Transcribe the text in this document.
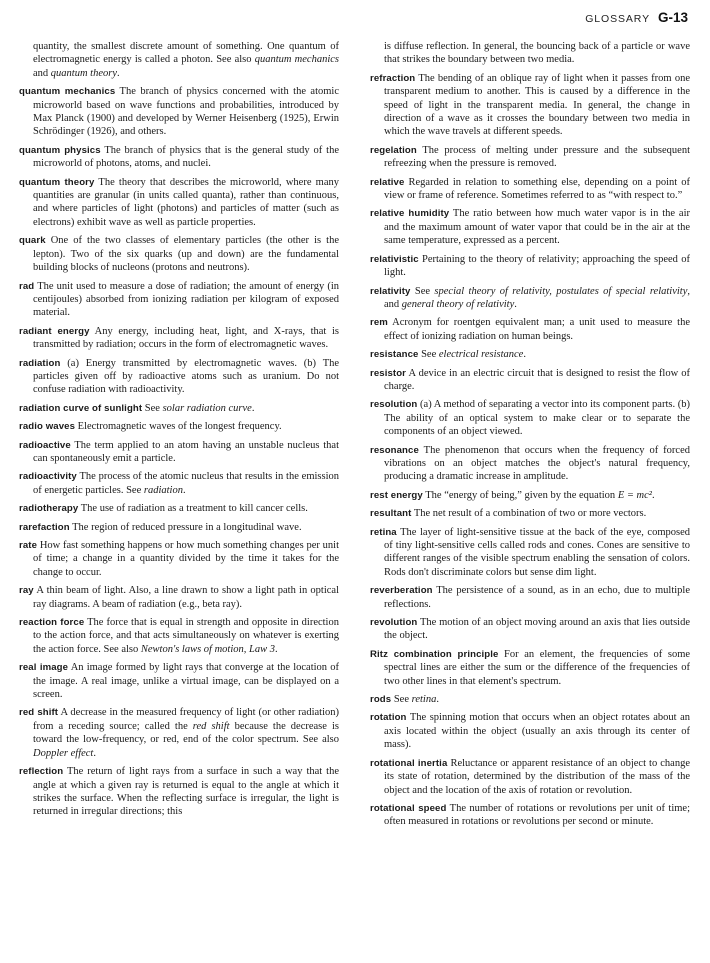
GLOSSARY G-13

quantity, the smallest discrete amount of something. One quantum of electromagnetic energy is called a photon. See also quantum mechanics and quantum theory.

quantum mechanics The branch of physics concerned with the atomic microworld based on wave functions and probabilities, introduced by Max Planck (1900) and developed by Werner Heisenberg (1925), Erwin Schrödinger (1926), and others.

quantum physics The branch of physics that is the general study of the microworld of photons, atoms, and nuclei.

quantum theory The theory that describes the microworld, where many quantities are granular (in units called quanta), rather than continuous, and where particles of light (photons) and particles of matter (such as electrons) exhibit wave as well as particle properties.

quark One of the two classes of elementary particles (the other is the lepton). Two of the six quarks (up and down) are the fundamental building blocks of nucleons (protons and neutrons).

rad The unit used to measure a dose of radiation; the amount of energy (in centijoules) absorbed from ionizing radiation per kilogram of exposed material.

radiant energy Any energy, including heat, light, and X-rays, that is transmitted by radiation; occurs in the form of electromagnetic waves.

radiation (a) Energy transmitted by electromagnetic waves. (b) The particles given off by radioactive atoms such as uranium. Do not confuse radiation with radioactivity.

radiation curve of sunlight See solar radiation curve.

radio waves Electromagnetic waves of the longest frequency.

radioactive The term applied to an atom having an unstable nucleus that can spontaneously emit a particle.

radioactivity The process of the atomic nucleus that results in the emission of energetic particles. See radiation.

radiotherapy The use of radiation as a treatment to kill cancer cells.

rarefaction The region of reduced pressure in a longitudinal wave.

rate How fast something happens or how much something changes per unit of time; a change in a quantity divided by the time it takes for the change to occur.

ray A thin beam of light. Also, a line drawn to show a light path in optical ray diagrams. A beam of radiation (e.g., beta ray).

reaction force The force that is equal in strength and opposite in direction to the action force, and that acts simultaneously on whatever is exerting the action force. See also Newton's laws of motion, Law 3.

real image An image formed by light rays that converge at the location of the image. A real image, unlike a virtual image, can be displayed on a screen.

red shift A decrease in the measured frequency of light (or other radiation) from a receding source; called the red shift because the decrease is toward the low-frequency, or red, end of the color spectrum. See also Doppler effect.

reflection The return of light rays from a surface in such a way that the angle at which a given ray is returned is equal to the angle at which it strikes the surface. When the reflecting surface is irregular, the light is returned in irregular directions; this

is diffuse reflection. In general, the bouncing back of a particle or wave that strikes the boundary between two media.

refraction The bending of an oblique ray of light when it passes from one transparent medium to another. This is caused by a difference in the speed of light in the transparent media. In general, the change in direction of a wave as it crosses the boundary between two media in which the wave travels at different speeds.

regelation The process of melting under pressure and the subsequent refreezing when the pressure is removed.

relative Regarded in relation to something else, depending on a point of view or frame of reference. Sometimes referred to as “with respect to.”

relative humidity The ratio between how much water vapor is in the air and the maximum amount of water vapor that could be in the air at the same temperature, expressed as a percent.

relativistic Pertaining to the theory of relativity; approaching the speed of light.

relativity See special theory of relativity, postulates of special relativity, and general theory of relativity.

rem Acronym for roentgen equivalent man; a unit used to measure the effect of ionizing radiation on human beings.

resistance See electrical resistance.

resistor A device in an electric circuit that is designed to resist the flow of charge.

resolution (a) A method of separating a vector into its component parts. (b) The ability of an optical system to make clear or to separate the components of an object viewed.

resonance The phenomenon that occurs when the frequency of forced vibrations on an object matches the object's natural frequency, producing a dramatic increase in amplitude.

rest energy The “energy of being,” given by the equation E = mc².

resultant The net result of a combination of two or more vectors.

retina The layer of light-sensitive tissue at the back of the eye, composed of tiny light-sensitive cells called rods and cones. Cones are sensitive to different ranges of the visible spectrum enabling the sensation of colors. Rods don't discriminate colors but sense dim light.

reverberation The persistence of a sound, as in an echo, due to multiple reflections.

revolution The motion of an object moving around an axis that lies outside the object.

Ritz combination principle For an element, the frequencies of some spectral lines are either the sum or the difference of the frequencies of two other lines in that element's spectrum.

rods See retina.

rotation The spinning motion that occurs when an object rotates about an axis located within the object (usually an axis through its center of mass).

rotational inertia Reluctance or apparent resistance of an object to change its state of rotation, determined by the distribution of the mass of the object and the location of the axis of rotation or revolution.

rotational speed The number of rotations or revolutions per unit of time; often measured in rotations or revolutions per second or minute.
